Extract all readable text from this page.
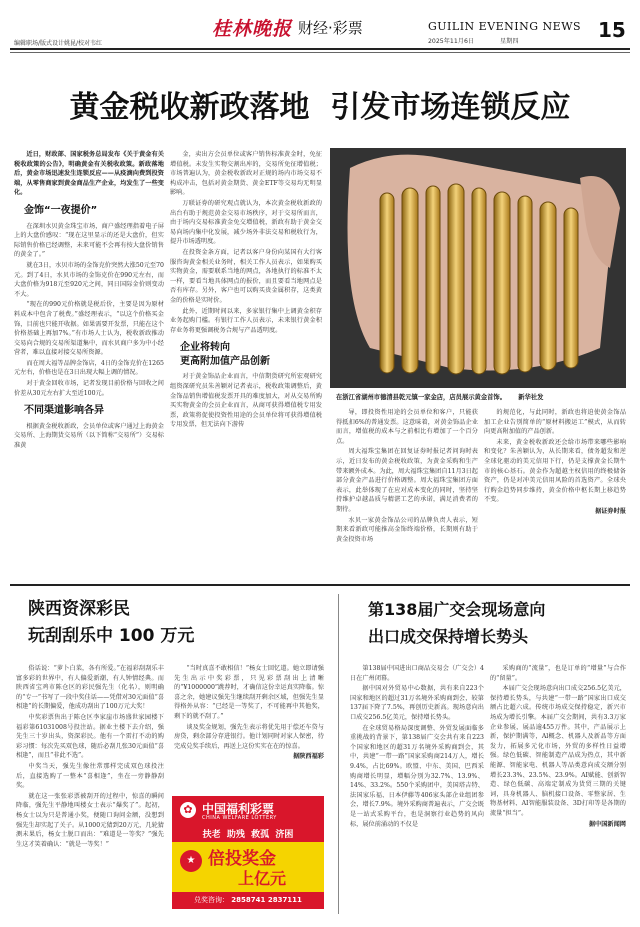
编辑职场/版式设计姚昆/校对韦红
桂林晚报 财经·彩票	GUILIN EVENING NEWS
2025年11月6日	星期四	15
黄金税收新政落地  引发市场连锁反应

近日，财政部、国家税务总局发布《关于黄金有关税收政策的公告》，明确黄金有关税收政策。新政落地后，黄金市场迅速发生连锁反应——从疫滴向费到投资端，从零售商家到黄金商品生产企业，均发生了一些变化。

金饰“一夜提价”

在深圳水贝黄金珠宝市场，商户盛经理指着电子屏上的大盘价感叹：“现在这里显示的还是大盘价，但实际销售价格已经调整，未来可能不会再有按大盘价销售的黄金了。”

就在3日，水贝市场的金饰克价突然大涨50元至70元。到了4日，水贝市场的金饰克价在990元左右，而大盘价格为918元至920元之间，同日国际金价则变动不大。

“现在的990元价格就是税后价，主要是因为原材料成本中包含了税费。”盛经理表示，“以这个价格买金饰，目前也只能开收据。如果需要开发票，只能在这个价格基础上再加7%。”有市场人士认为，税收新政推动交易向合规的交易所渠道集中，而水贝商户多为中小经营者，难以直接对接交易所资源。

而在周大福等品牌金饰店，4日的金饰克价在1265元左右，价格也是在3日出现大幅上调的情况。

对于黄金回收市场，记者发现目前价格与回收之间价差从30元左右扩大至近100元。

不同渠道影响各异

根据黄金税收新政，会员单位或客户通过上海黄金交易所、上海期货交易所（以下简称“交易所”）交易标准黄

金，卖出方会员单位或客户销售标准黄金时，免征增值税。未发生实物交割出库的，交易所免征增值税；市场普遍认为，黄金税收新政对正规的场内市场交易不构成冲击，包括对黄金期货、黄金ETF等交易均无明显影响。

万联证券的研究观点就认为，本次黄金税收新政的出台有助于规范黄金交易市场秩序，对于交易所而言，由于场内交易标准黄金免交增值税，新政有助于黄金交易向场内集中化发展，减少场外非法交易和税收行为，提升市场透明度。

在投资金条方面，记者以客户身份向某国有大行客服咨询黄金相关业务时，相关工作人员表示，如果购买实物黄金，需要联系当地的网点，各地执行的标准不太一样，要看当地具体网点的报价，而且要看当地网点是否有库存。另外，客户也可以购买贵金属积存，这类黄金的价格是实时价。

此外，近期时间以来，多家银行集中上调黄金积存业务起购门槛。有银行工作人员表示，未来银行黄金积存业务将更强调税务合规与产品透明度。

企业将转向
更高附加值产品创新

对于黄金饰品企业而言，中信期货研究所宏观研究组资深研究员朱善颖对记者表示，税收政策调整后，黄金饰品销售增值税发票开具的难度加大，对从交易所购买实物黄金的会员企业而言，从商可获得增值税专用发票，政策将促使投资性用途的会员单位将可获得增值税专用发票，但无法向下游传

在浙江省湖州市德清县乾元镇一家金店，店员展示黄金首饰。 新华社发

导，即投资性用途的会员单位和客户，只能获得抵扣6%的普通发票。这意味着，对黄金饰品企业而言，增值税的成本与之前相比有增加了一个百分点。

周大福珠宝集团在回复证券时报记者问询时表示，近日发布的黄金税收政策，为黄金采购和生产带来额外成本。为此，周大福珠宝集团自11月3日起部分黄金产品进行价格调整。周大福珠宝集团方面表示，此举体现了在应对成本变化的同时，坚持坚持维护卓越品质与精湛工艺的承诺，满足消费者的期待。

水贝一家黄金饰品公司的品牌负责人表示，短期来看新政可能推高金饰终端价格，长期则有助于黄金投资市场

的规范化，与此同时，新政也将迫使黄金饰品加工企业告别简单的“原材料搬运工”模式，从而转向更高附加值的产品创新。

未来，黄金税收新政还会给市场带来哪些影响和变化？朱善颖认为，从长期来看，债务超发和逆全球化驱动的美元信用下行，仍是支撑黄金长期牛市的核心基石。黄金作为超越主权信用的终极储备资产，仍是对冲美元信用风险的首选资产。全球央行购金趋势同步维持，黄金价格中枢长期上移趋势不变。

据证券时报
陕西资深彩民
玩刮刮乐中 100 万元

俗话说：“萝卜白菜，各有所爱。”在福彩刮刮乐丰富多彩的世界中，有人偏爱新潮，有人钟情经典。而陕西省宝鸡市陈仓区的彩民强先生（化名），则明确的“专一”书写了一段中奖佳话——凭借对30元面值“喜相逢”的长期偏爱，他成功刮出了100万元大奖！

中奖彩票售出于陈仓区李家崖市场盛世家园楼下福彩第61031008号投注站。据业主楼下去介绍，强先生三十岁出头，资深彩民。他有一个雷打不动的购彩习惯：每次先买双色球，随后必刮几张30元面值“喜相逢”，而且“非此不选”。

中奖当天，强先生像往常那样完成双色球投注后，直接选购了一整本“喜相逢”，坐在一旁静静刮奖。

就在这一张张彩票被刮开的过程中，惊喜的瞬间降临，强先生平静地叫楼女士表示“爆奖了”。起初，杨女士以为只是普通小奖，便随口询问金额，没想到强先生却实起了关子。从1000元猜到20万元，几轮猜测未果后，杨女士脱口而出：“难道是一等奖？”强先生这才笑着确认：“就是一等奖！”

“当时真喜不敢相信！”杨女士回忆道。她立即请强先生出示中奖彩票，只见彩票刮出上清晰的“¥1000000”跳荐时，才确信这份幸运真实降临。惊喜之余，她建议强先生继续刮开剩余区域，但强先生显得格外从容：“已经是一等奖了，不可能再中其他奖，剩下的就不刮了。”

谈及奖金规划，强先生表示将优先用于偿还车贷与房贷，剩余部分存进银行。他计划同时对家人保密，待完成兑奖手续后，再送上这份实实在在的惊喜。

据陕西福彩
✿ 中国福利彩票
CHINA WELFARE LOTTERY
扶老  助残  救孤  济困
★ 倍投奖金
上亿元
兑奖咨询： 2858741 2837111
第138届广交会现场意向
出口成交保持增长势头

第138届中国进出口商品交易会（广交会）4日在广州闭幕。

据中国对外贸易中心数据，共有来自223个国家和地区的超过31万名境外采购商到会，较第137届下降了7.5%，再创历史新高。现场意向出口成交256.5亿美元，保持增长势头。

在全球贸易格局深度调整、外贸发展面临多重挑战的背景下，第138届广交会共有来自223个国家和地区的超31万名境外采购商到会，其中，共建“一带一路”国家采购商214万人，增长9.4%，占比69%。欧盟、中东、美国、巴西采购商增长明显，增幅分别为32.7%、13.9%、14%、33.2%。550个采购团中，美国塔吉特、法国家乐福、日本伊藤等406家头部企业组团参会，增长7.9%。境外采购商普遍表示，广交会既是一站式采购平台，也是洞察行业趋势的风向标，展位前涌动的不仅是

采购商的“流量”，也是订单的“增量”与合作的“留量”。

本届广交会现场意向出口成交256.5亿美元，保持增长势头，与共建“一带一路”国家出口成交额占比超六成。传统市场成交保持稳定，新兴市场成为增长引擎。本届广交会期间，共有3.3万家企业参展，展品逾455万件。其中，产品展示上新，保护期满等，Al概念、机器人及新品等方面发力，拓展多元化市场，外贸的多样性日益增强。绿色低碳、智能制造产品成为热点，其中新能源、智能家电、机器人等品类意向成交额分别增长23.3%、23.5%、23.9%。AI赋能、创新智造、绿色低碳、高端定制成为货贸三期的关键词，具身机器人、脑机接口设备、零整家居、生物基材料、AI智能服装设备、3D打印等是各期的流量“担当”。

据中国新闻网
